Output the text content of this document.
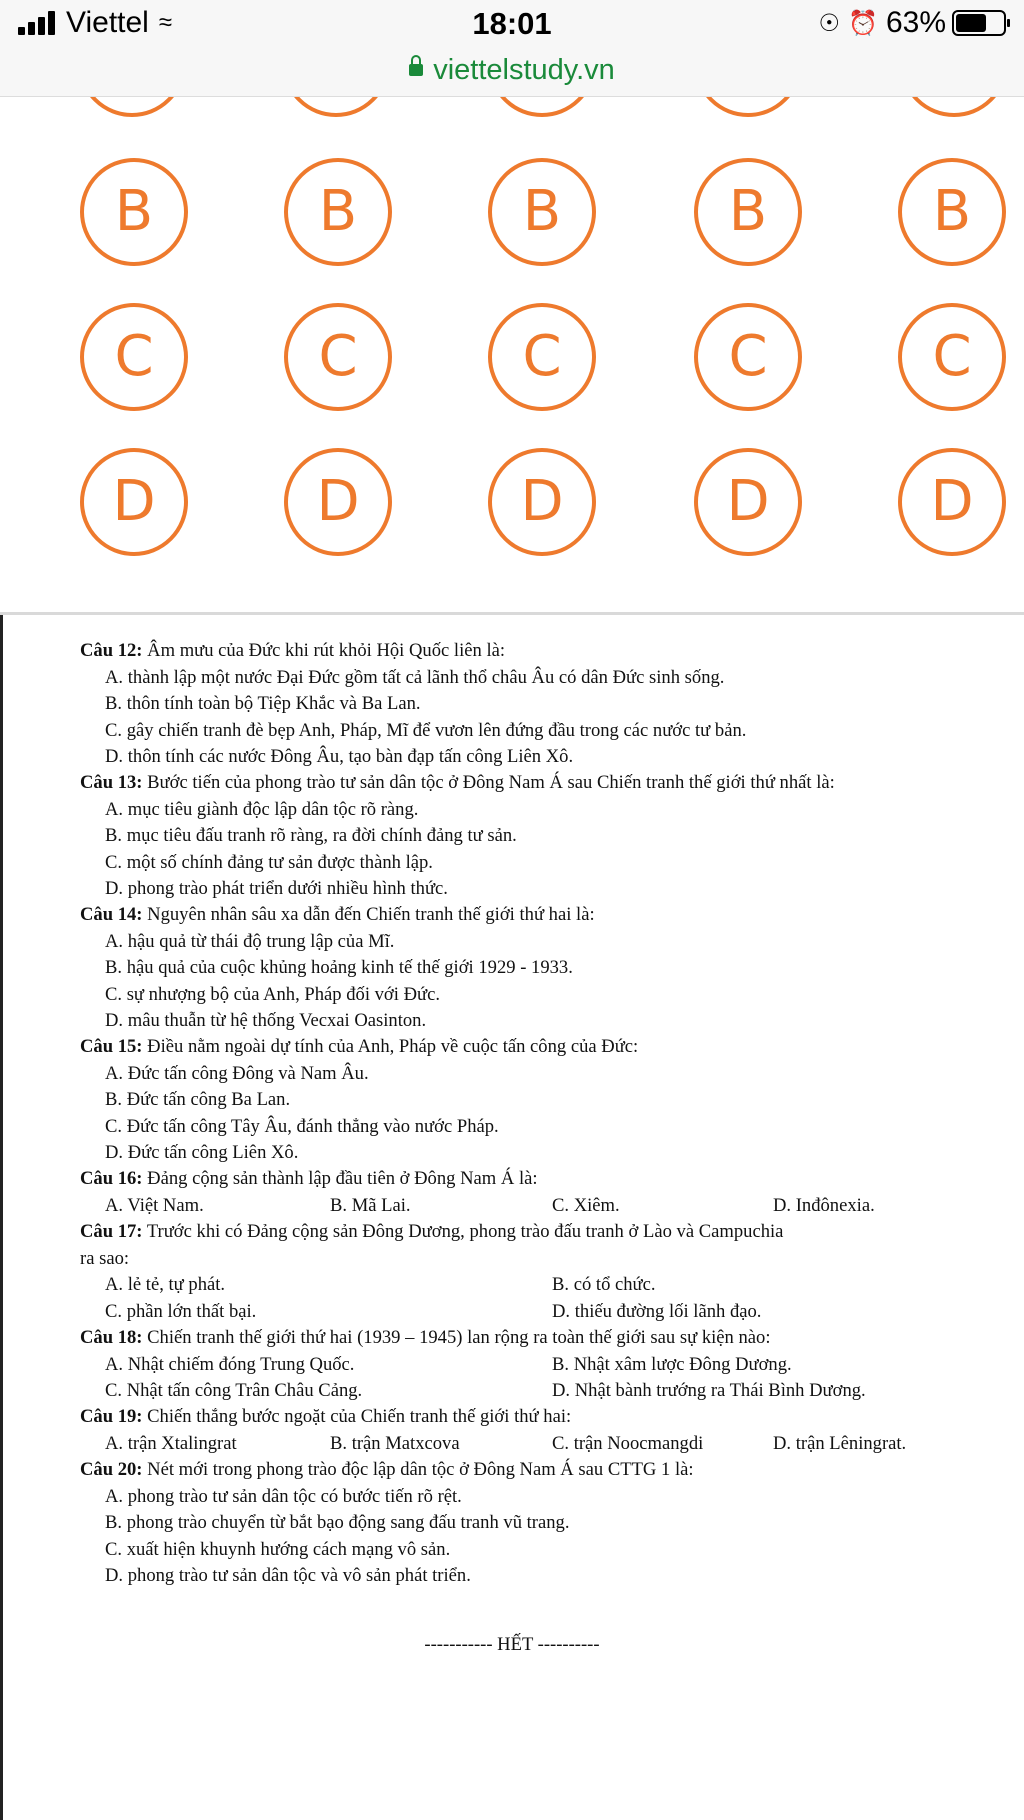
Viettel ≈	18:01	☉ ⏰ 63%
viettelstudy.vn
B	B	B	B	B
C	C	C	C	C
D	D	D	D	D
Câu 12: Âm mưu của Đức khi rút khỏi Hội Quốc liên là:
A. thành lập một nước Đại Đức gồm tất cả lãnh thổ châu Âu có dân Đức sinh sống.
B. thôn tính toàn bộ Tiệp Khắc và Ba Lan.
C. gây chiến tranh đè bẹp Anh, Pháp, Mĩ để vươn lên đứng đầu trong các nước tư bản.
D. thôn tính các nước Đông Âu, tạo bàn đạp tấn công Liên Xô.
Câu 13: Bước tiến của phong trào tư sản dân tộc ở Đông Nam Á sau Chiến tranh thế giới thứ nhất là:
A. mục tiêu giành độc lập dân tộc rõ ràng.
B. mục tiêu đấu tranh rõ ràng, ra đời chính đảng tư sản.
C. một số chính đảng tư sản được thành lập.
D. phong trào phát triển dưới nhiều hình thức.
Câu 14: Nguyên nhân sâu xa dẫn đến Chiến tranh thế giới thứ hai là:
A. hậu quả từ thái độ trung lập của Mĩ.
B. hậu quả của cuộc khủng hoảng kinh tế thế giới 1929 - 1933.
C. sự nhượng bộ của Anh, Pháp đối với Đức.
D. mâu thuẫn từ hệ thống Vecxai Oasinton.
Câu 15: Điều nằm ngoài dự tính của Anh, Pháp về cuộc tấn công của Đức:
A. Đức tấn công Đông và Nam Âu.
B. Đức tấn công Ba Lan.
C. Đức tấn công Tây Âu, đánh thẳng vào nước Pháp.
D. Đức tấn công Liên Xô.
Câu 16: Đảng cộng sản thành lập đầu tiên ở Đông Nam Á là:
A. Việt Nam.	B. Mã Lai.	C. Xiêm.	D. Inđônexia.
Câu 17: Trước khi có Đảng cộng sản Đông Dương, phong trào đấu tranh ở Lào và Campuchia
ra sao:
A. lẻ tẻ, tự phát.	B. có tổ chức.
C. phần lớn thất bại.	D. thiếu đường lối lãnh đạo.
Câu 18: Chiến tranh thế giới thứ hai (1939 – 1945) lan rộng ra toàn thế giới sau sự kiện nào:
A. Nhật chiếm đóng Trung Quốc.	B. Nhật xâm lược Đông Dương.
C. Nhật tấn công Trân Châu Cảng.	D. Nhật bành trướng ra Thái Bình Dương.
Câu 19: Chiến thắng bước ngoặt của Chiến tranh thế giới thứ hai:
A. trận Xtalingrat	B. trận Matxcova	C. trận Noocmangdi	D. trận Lêningrat.
Câu 20: Nét mới trong phong trào độc lập dân tộc ở Đông Nam Á sau CTTG 1 là:
A. phong trào tư sản dân tộc có bước tiến rõ rệt.
B. phong trào chuyển từ bắt bạo động sang đấu tranh vũ trang.
C. xuất hiện khuynh hướng cách mạng vô sản.
D. phong trào tư sản dân tộc và vô sản phát triển.
----------- HẾT ----------
